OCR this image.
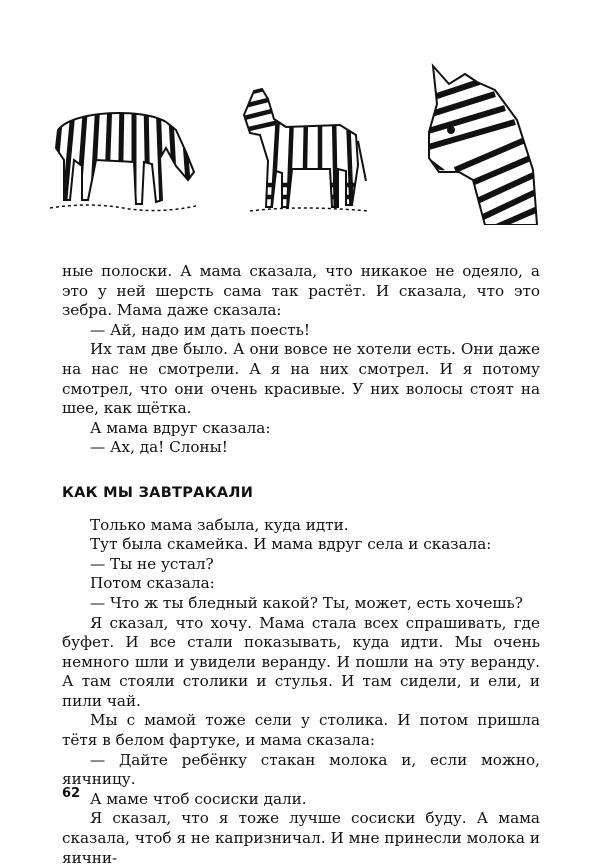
ные полоски. А мама сказала, что никакое не одеяло, а это у ней шерсть сама так растёт. И сказала, что это зебра. Мама даже сказала:

— Ай, надо им дать поесть!

Их там две было. А они вовсе не хотели есть. Они даже на нас не смотрели. А я на них смотрел. И я потому смотрел, что они очень красивые. У них волосы стоят на шее, как щётка.

А мама вдруг сказала:

— Ах, да! Слоны!

КАК МЫ ЗАВТРАКАЛИ

Только мама забыла, куда идти.

Тут была скамейка. И мама вдруг села и сказала:

— Ты не устал?

Потом сказала:

— Что ж ты бледный какой? Ты, может, есть хочешь?

Я сказал, что хочу. Мама стала всех спрашивать, где буфет. И все стали показывать, куда идти. Мы очень немного шли и увидели веранду. И пошли на эту веранду. А там стояли столики и стулья. И там сидели, и ели, и пили чай.

Мы с мамой тоже сели у столика. И потом пришла тётя в белом фартуке, и мама сказала:

— Дайте ребёнку стакан молока и, если можно, яичницу.

А маме чтоб сосиски дали.

Я сказал, что я тоже лучше сосиски буду. А мама сказала, чтоб я не капризничал. И мне принесли молока и яични-

62
